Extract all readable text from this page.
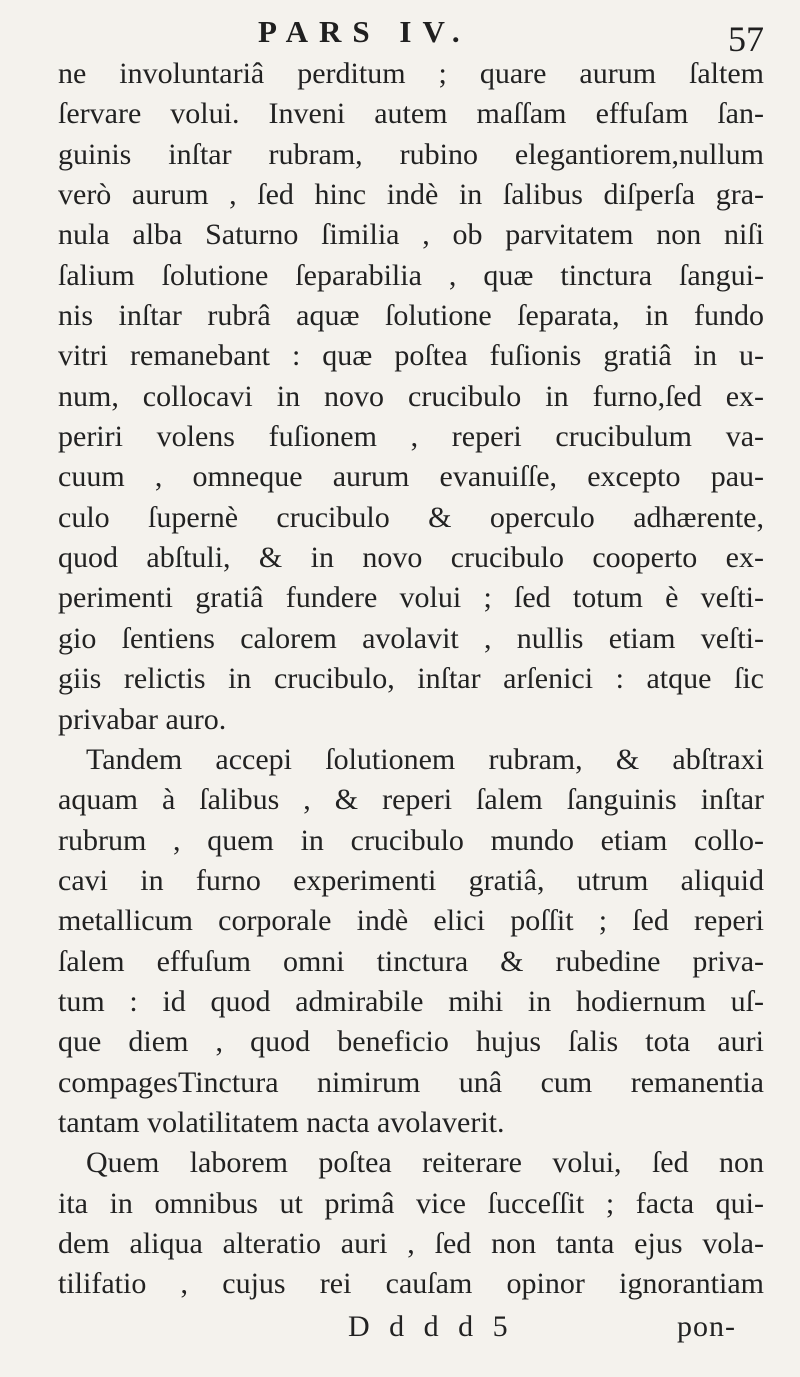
PARS IV.	57
ne involuntariâ perditum ; quare aurum ſaltem
ſervare volui. Inveni autem maſſam effuſam ſan-
guinis inſtar rubram, rubino elegantiorem,nullum
verò aurum , ſed hinc indè in ſalibus diſperſa gra-
nula alba Saturno ſimilia , ob parvitatem non niſi
ſalium ſolutione ſeparabilia , quæ tinctura ſangui-
nis inſtar rubrâ aquæ ſolutione ſeparata, in fundo
vitri remanebant : quæ poſtea fuſionis gratiâ in u-
num, collocavi in novo crucibulo in furno,ſed ex-
periri volens fuſionem , reperi crucibulum va-
cuum , omneque aurum evanuiſſe, excepto pau-
culo ſupernè crucibulo & operculo adhærente,
quod abſtuli, & in novo crucibulo cooperto ex-
perimenti gratiâ fundere volui ; ſed totum è veſti-
gio ſentiens calorem avolavit , nullis etiam veſti-
giis relictis in crucibulo, inſtar arſenici : atque ſic
privabar auro.
Tandem accepi ſolutionem rubram, & abſtraxi
aquam à ſalibus , & reperi ſalem ſanguinis inſtar
rubrum , quem in crucibulo mundo etiam collo-
cavi in furno experimenti gratiâ, utrum aliquid
metallicum corporale indè elici poſſit ; ſed reperi
ſalem effuſum omni tinctura & rubedine priva-
tum : id quod admirabile mihi in hodiernum uſ-
que diem , quod beneficio hujus ſalis tota auri
compagesTinctura nimirum unâ cum remanentia
tantam volatilitatem nacta avolaverit.
Quem laborem poſtea reiterare volui, ſed non
ita in omnibus ut primâ vice ſucceſſit ; facta qui-
dem aliqua alteratio auri , ſed non tanta ejus vola-
tilifatio , cujus rei cauſam opinor ignorantiam
D d d d 5	pon-
